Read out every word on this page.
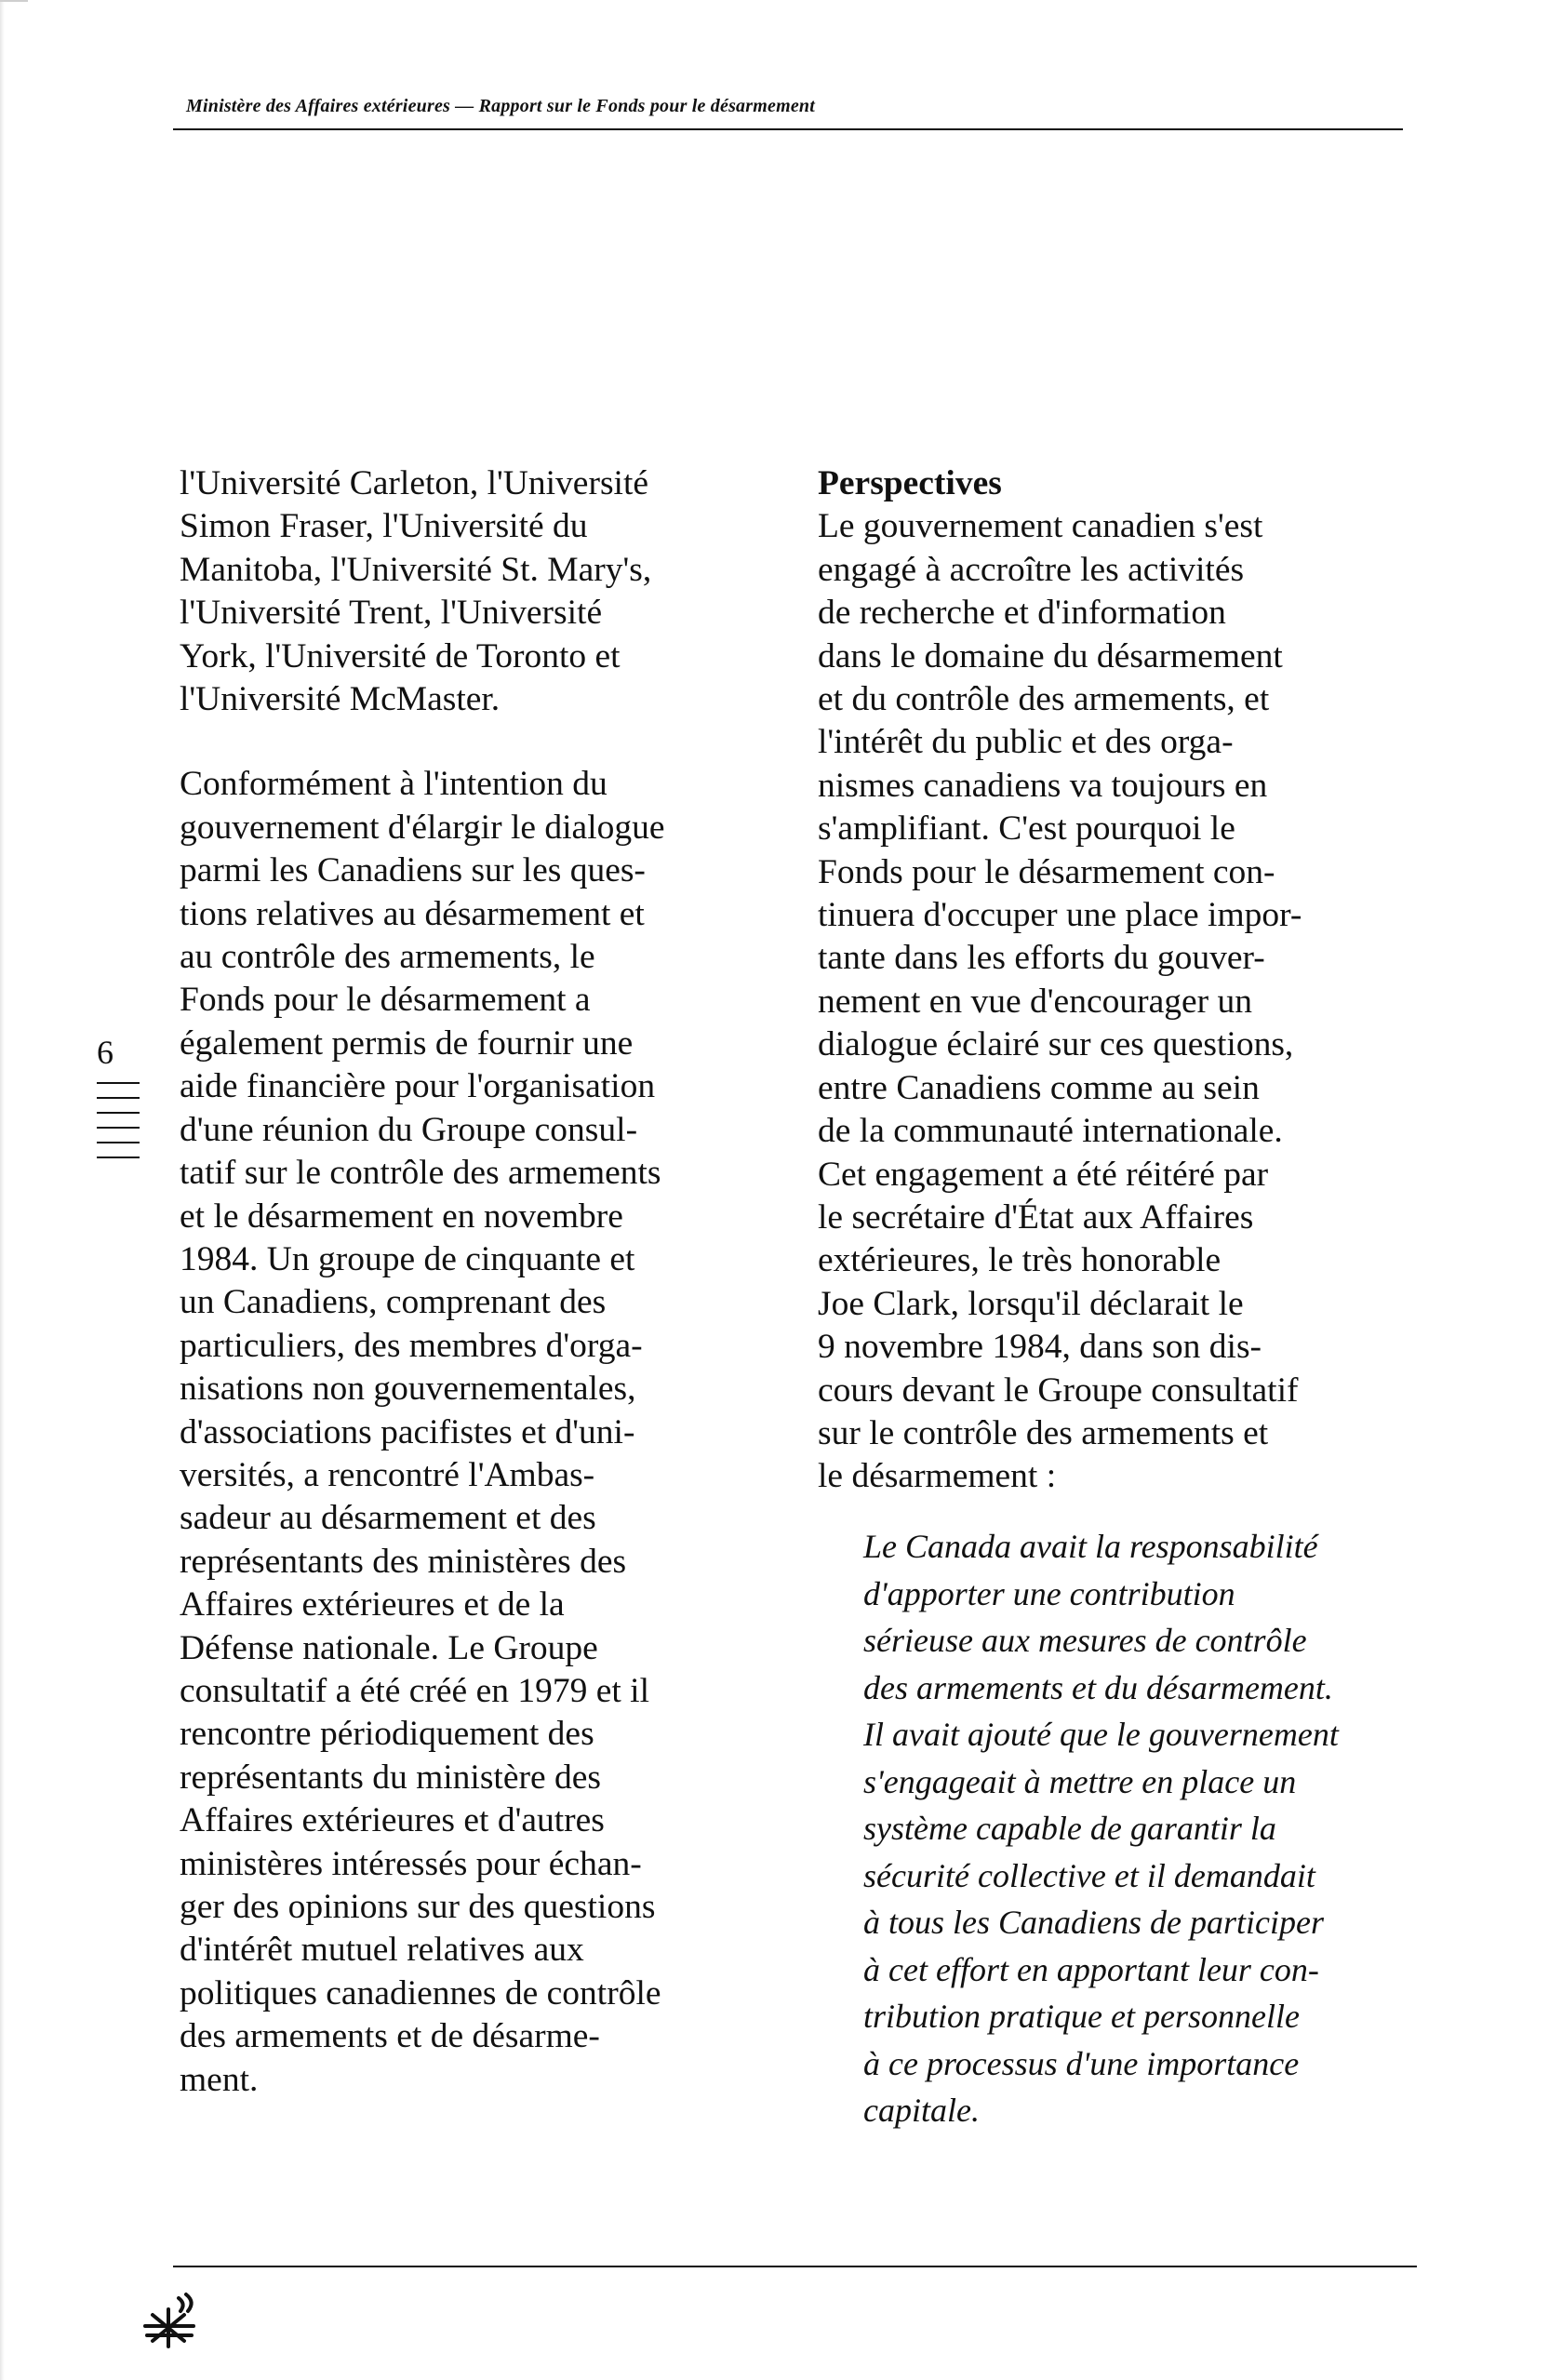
Ministère des Affaires extérieures — Rapport sur le Fonds pour le désarmement
6
l'Université Carleton, l'Université
Simon Fraser, l'Université du
Manitoba, l'Université St. Mary's,
l'Université Trent, l'Université
York, l'Université de Toronto et
l'Université McMaster.
Conformément à l'intention du
gouvernement d'élargir le dialogue
parmi les Canadiens sur les ques-
tions relatives au désarmement et
au contrôle des armements, le
Fonds pour le désarmement a
également permis de fournir une
aide financière pour l'organisation
d'une réunion du Groupe consul-
tatif sur le contrôle des armements
et le désarmement en novembre
1984. Un groupe de cinquante et
un Canadiens, comprenant des
particuliers, des membres d'orga-
nisations non gouvernementales,
d'associations pacifistes et d'uni-
versités, a rencontré l'Ambas-
sadeur au désarmement et des
représentants des ministères des
Affaires extérieures et de la
Défense nationale. Le Groupe
consultatif a été créé en 1979 et il
rencontre périodiquement des
représentants du ministère des
Affaires extérieures et d'autres
ministères intéressés pour échan-
ger des opinions sur des questions
d'intérêt mutuel relatives aux
politiques canadiennes de contrôle
des armements et de désarme-
ment.
Perspectives
Le gouvernement canadien s'est
engagé à accroître les activités
de recherche et d'information
dans le domaine du désarmement
et du contrôle des armements, et
l'intérêt du public et des orga-
nismes canadiens va toujours en
s'amplifiant. C'est pourquoi le
Fonds pour le désarmement con-
tinuera d'occuper une place impor-
tante dans les efforts du gouver-
nement en vue d'encourager un
dialogue éclairé sur ces questions,
entre Canadiens comme au sein
de la communauté internationale.
Cet engagement a été réitéré par
le secrétaire d'État aux Affaires
extérieures, le très honorable
Joe Clark, lorsqu'il déclarait le
9 novembre 1984, dans son dis-
cours devant le Groupe consultatif
sur le contrôle des armements et
le désarmement :
Le Canada avait la responsabilité
d'apporter une contribution
sérieuse aux mesures de contrôle
des armements et du désarmement.
Il avait ajouté que le gouvernement
s'engageait à mettre en place un
système capable de garantir la
sécurité collective et il demandait
à tous les Canadiens de participer
à cet effort en apportant leur con-
tribution pratique et personnelle
à ce processus d'une importance
capitale.
